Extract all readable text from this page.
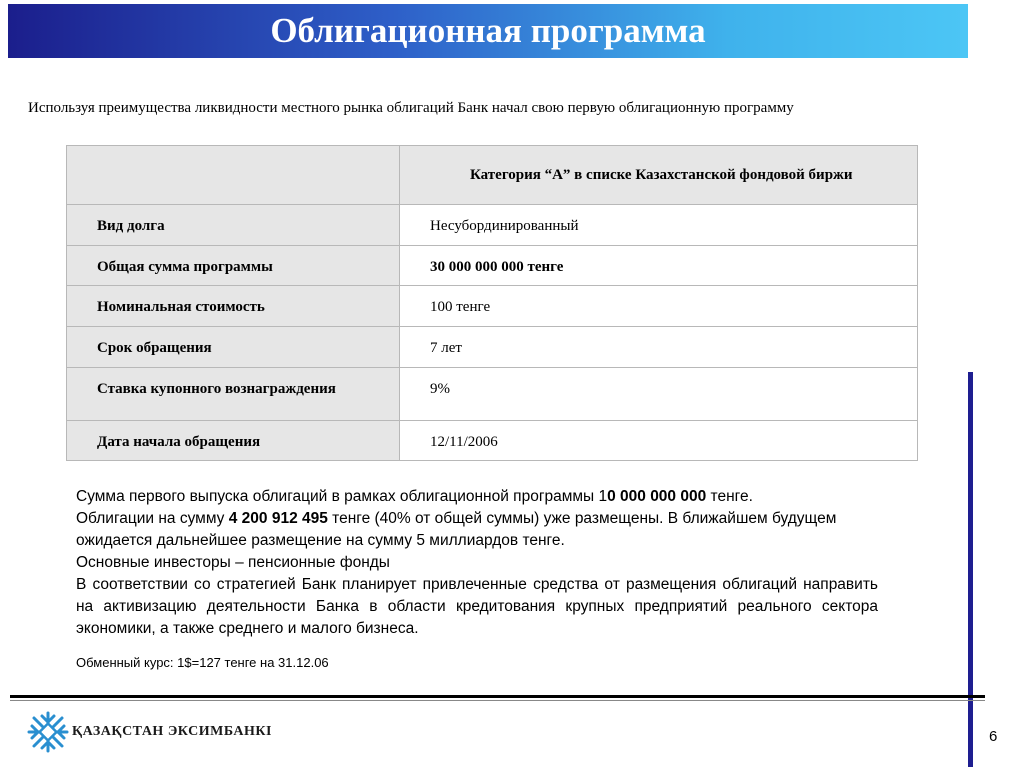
Облигационная программа
Используя преимущества ликвидности местного рынка облигаций Банк начал свою первую облигационную программу
	Категория “A” в списке Казахстанской фондовой биржи
Вид долга	Несубординированный
Общая сумма программы	30 000 000 000 тенге
Номинальная стоимость	100 тенге
Срок обращения	7 лет
Ставка купонного вознаграждения	9%
Дата начала обращения	12/11/2006

Сумма первого выпуска облигаций в рамках облигационной программы 10 000 000 000 тенге.

Облигации на сумму 4 200 912 495 тенге (40% от общей суммы) уже размещены. В ближайшем будущем ожидается дальнейшее размещение на сумму 5 миллиардов тенге.

Основные инвесторы – пенсионные фонды

В соответствии со стратегией Банк планирует привлеченные средства от размещения облигаций направить на активизацию деятельности Банка в области кредитования крупных предприятий реального сектора экономики, а также среднего и малого бизнеса.

Обменный курс: 1$=127 тенге на 31.12.06
ҚАЗАҚСТАН ЭКСИМБАНКІ	6
